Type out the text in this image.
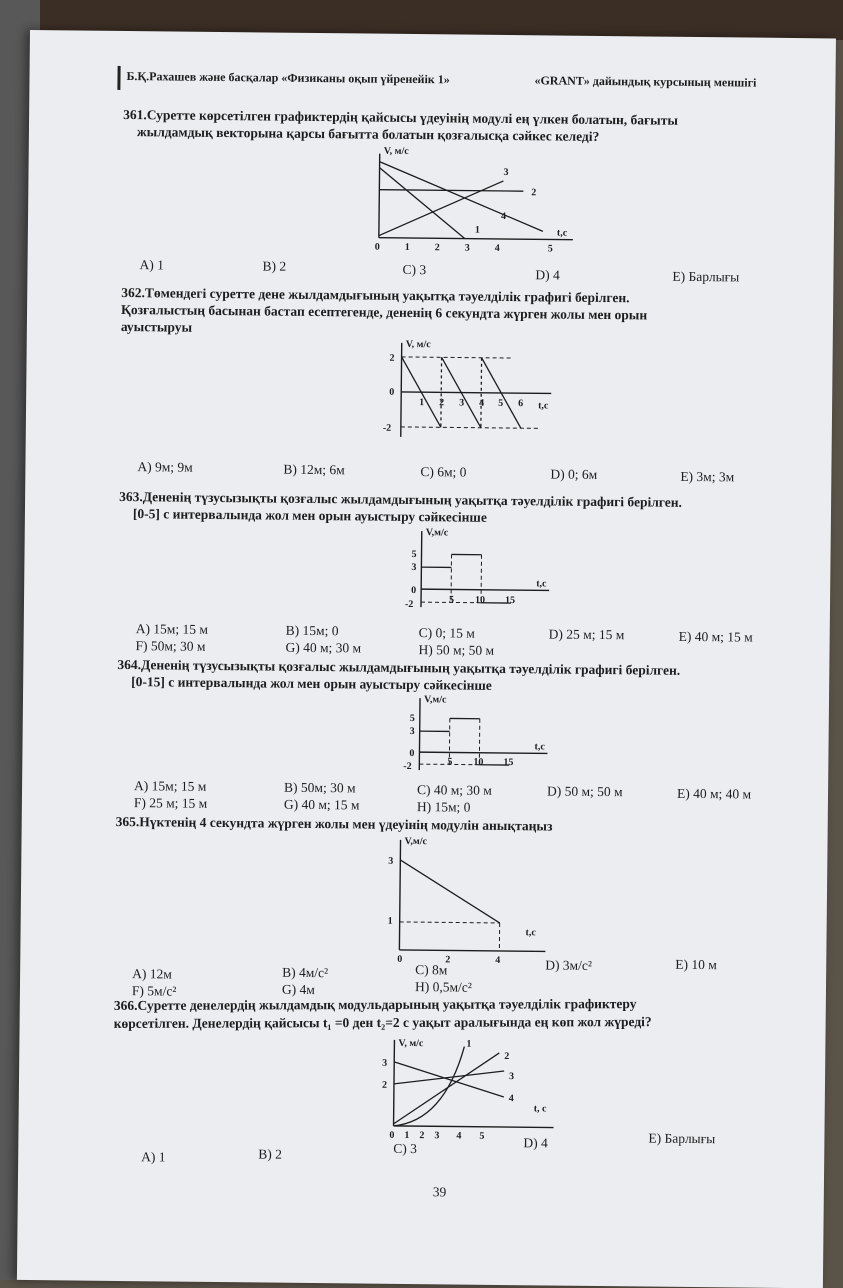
Б.Қ.Рахашев және басқалар «Физиканы оқып үйренейік 1»	«GRANT» дайындық курсының меншігі
361.Суретте көрсетілген графиктердің қайсысы үдеуінің модулі ең үлкен болатын, бағыты
жылдамдық векторына қарсы бағытта болатын қозғалысқа сәйкес келеді?
V, м/с
t,c
1
2
3
4
0 1 2 3 4	5
A) 1	B) 2	C) 3	D) 4	E) Барлығы
362.Төмендегі суретте дене жылдамдығының уақытқа тәуелділік графигі берілген.
Қозғалыстың басынан бастап есептегенде, дененің 6 секундта жүрген жолы мен орын
ауыстыруы
V, м/с
t,c
2
0
-2
1 2 3 4 5 6
A) 9м; 9м	B) 12м; 6м	C) 6м; 0	D) 0; 6м	E) 3м; 3м
363.Дененің түзусызықты қозғалыс жылдамдығының уақытқа тәуелділік графигі берілген.
[0-5] с интервалында жол мен орын ауыстыру сәйкесінше
V,м/с
t,c
5
3
0
-2	5 10 15
A) 15м; 15 м	B) 15м; 0	C) 0; 15 м	D) 25 м; 15 м	E) 40 м; 15 м
F) 50м; 30 м	G) 40 м; 30 м	H) 50 м; 50 м
364.Дененің түзусызықты қозғалыс жылдамдығының уақытқа тәуелділік графигі берілген.
[0-15] с интервалында жол мен орын ауыстыру сәйкесінше
V,м/с
t,c
5
3
0
-2	5 10 15
A) 15м; 15 м	B) 50м; 30 м	C) 40 м; 30 м	D) 50 м; 50 м	E) 40 м; 40 м
F) 25 м; 15 м	G) 40 м; 15 м	H) 15м; 0
365.Нүктенің 4 секундта жүрген жолы мен үдеуінің модулін анықтаңыз
V,м/с
t,c
3
1
0	2	4
A) 12м	B) 4м/с²	C) 8м	D) 3м/с²	E) 10 м
F) 5м/с²	G) 4м	H) 0,5м/с²
366.Суретте денелердің жылдамдық модульдарының уақытқа тәуелділік графиктеру
көрсетілген. Денелердің қайсысы t₁ =0 ден t₂=2 с уақыт аралығында ең көп жол жүреді?
V, м/с
t, c
3
2
1
2
3
4
0 1 2 3 4 5
A) 1	B) 2	C) 3	D) 4	E) Барлығы
39
